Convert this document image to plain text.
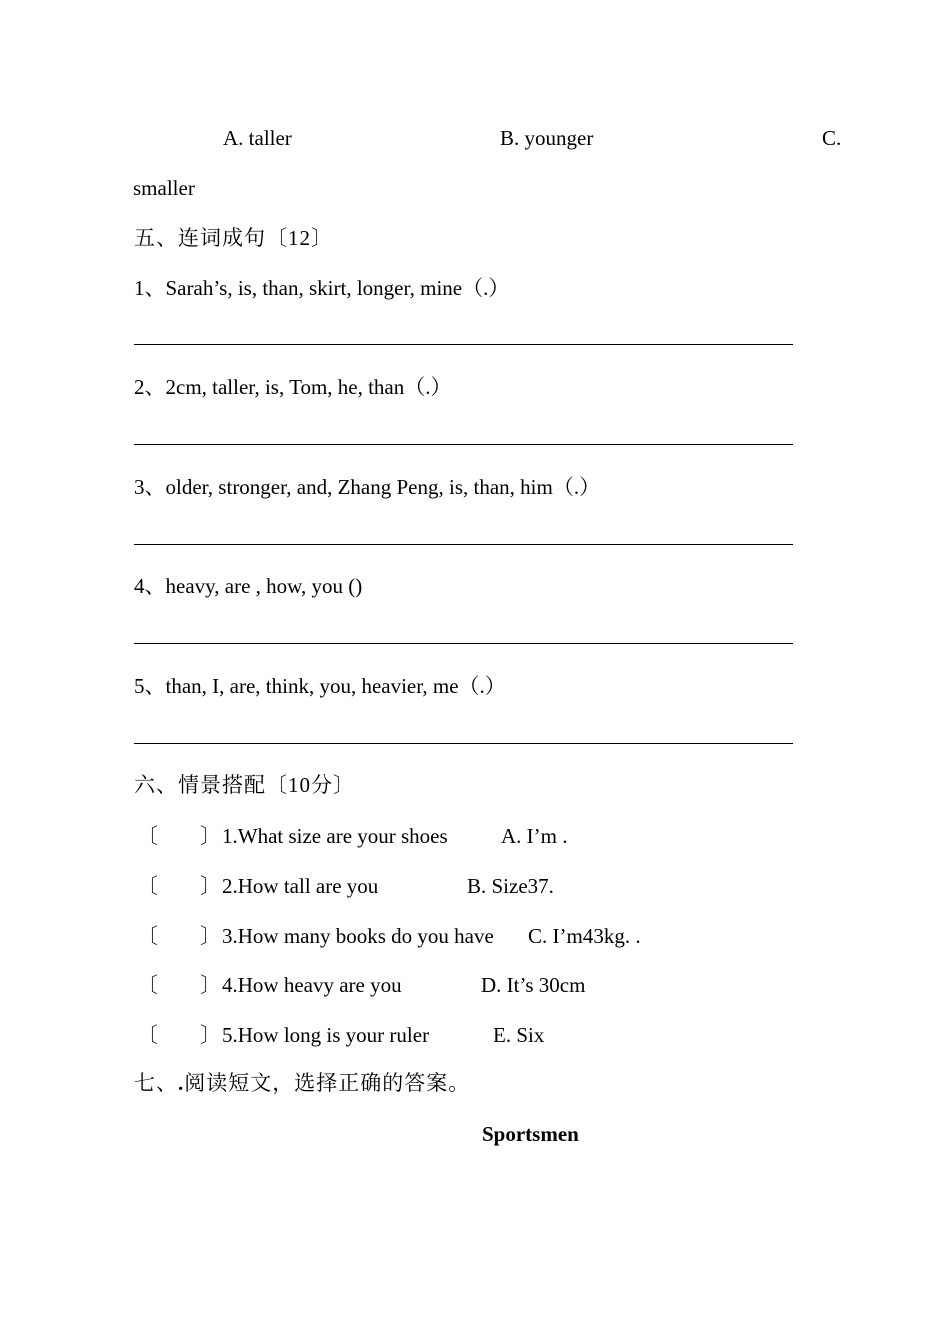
A. taller	B. younger	C.
smaller
五、连词成句〔12〕
1、Sarah’s, is, than, skirt, longer, mine（.）
2、2cm, taller, is, Tom, he, than（.）
3、older, stronger, and, Zhang Peng, is, than, him（.）
4、heavy, are , how, you ()
5、than, I, are, think, you, heavier, me（.）
六、情景搭配〔10分〕
〔　　〕 1.What size are your shoes	A. I’m .
〔　　〕 2.How tall are you	B. Size37.
〔　　〕 3.How many books do you have C. I’m43kg. .
〔　　〕 4.How heavy are you	D. It’s 30cm
〔　　〕 5.How long is your ruler	E. Six
七、.阅读短文，选择正确的答案。
Sportsmen
